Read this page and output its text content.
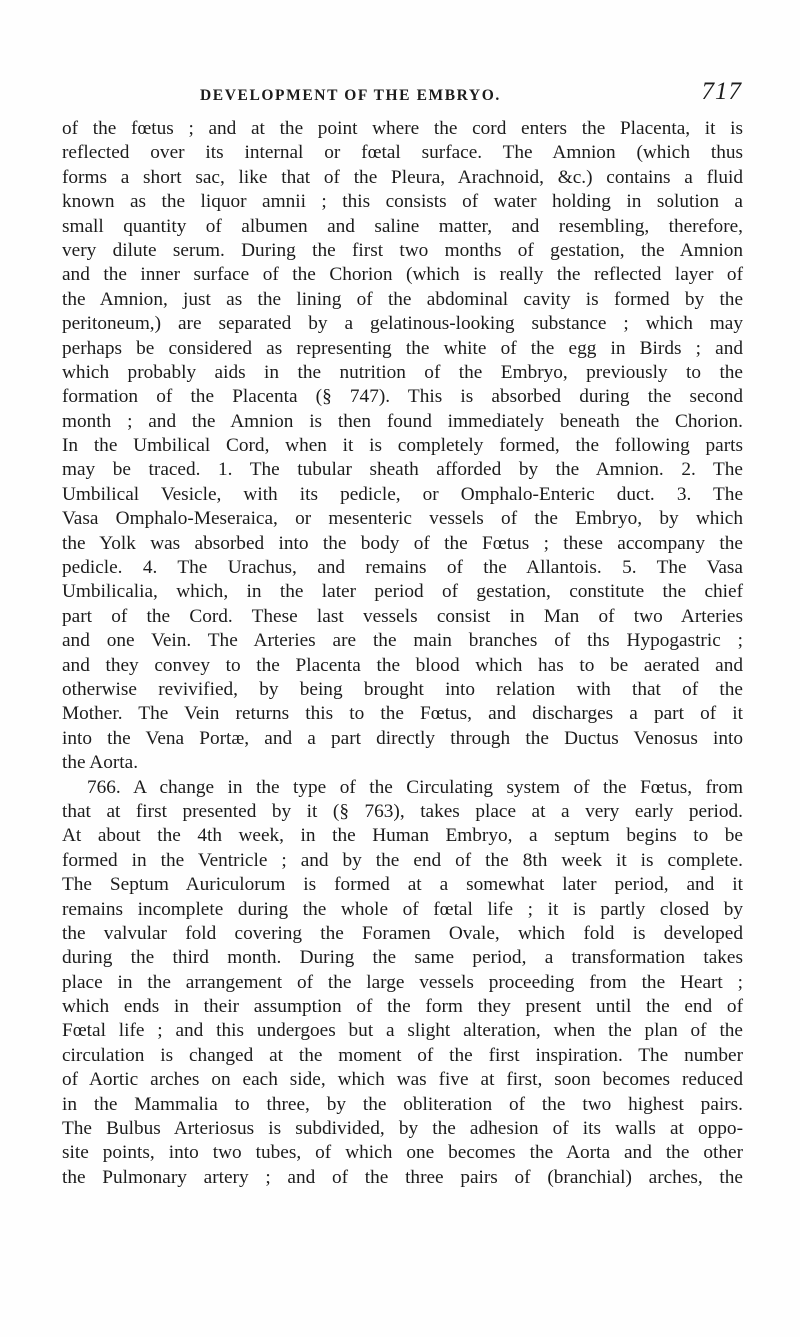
DEVELOPMENT OF THE EMBRYO.	717
of the fœtus ; and at the point where the cord enters the Placenta, it is
reflected over its internal or fœtal surface. The Amnion (which thus
forms a short sac, like that of the Pleura, Arachnoid, &c.) contains a fluid
known as the liquor amnii ; this consists of water holding in solution a
small quantity of albumen and saline matter, and resembling, therefore,
very dilute serum. During the first two months of gestation, the Amnion
and the inner surface of the Chorion (which is really the reflected layer of
the Amnion, just as the lining of the abdominal cavity is formed by the
peritoneum,) are separated by a gelatinous-looking substance ; which may
perhaps be considered as representing the white of the egg in Birds ; and
which probably aids in the nutrition of the Embryo, previously to the
formation of the Placenta (§ 747). This is absorbed during the second
month ; and the Amnion is then found immediately beneath the Chorion.
In the Umbilical Cord, when it is completely formed, the following parts
may be traced. 1. The tubular sheath afforded by the Amnion. 2. The
Umbilical Vesicle, with its pedicle, or Omphalo-Enteric duct. 3. The
Vasa Omphalo-Meseraica, or mesenteric vessels of the Embryo, by which
the Yolk was absorbed into the body of the Fœtus ; these accompany the
pedicle. 4. The Urachus, and remains of the Allantois. 5. The Vasa
Umbilicalia, which, in the later period of gestation, constitute the chief
part of the Cord. These last vessels consist in Man of two Arteries
and one Vein. The Arteries are the main branches of ths Hypogastric ;
and they convey to the Placenta the blood which has to be aerated and
otherwise revivified, by being brought into relation with that of the
Mother. The Vein returns this to the Fœtus, and discharges a part of it
into the Vena Portæ, and a part directly through the Ductus Venosus into
the Aorta.
766. A change in the type of the Circulating system of the Fœtus, from
that at first presented by it (§ 763), takes place at a very early period.
At about the 4th week, in the Human Embryo, a septum begins to be
formed in the Ventricle ; and by the end of the 8th week it is complete.
The Septum Auriculorum is formed at a somewhat later period, and it
remains incomplete during the whole of fœtal life ; it is partly closed by
the valvular fold covering the Foramen Ovale, which fold is developed
during the third month. During the same period, a transformation takes
place in the arrangement of the large vessels proceeding from the Heart ;
which ends in their assumption of the form they present until the end of
Fœtal life ; and this undergoes but a slight alteration, when the plan of the
circulation is changed at the moment of the first inspiration. The number
of Aortic arches on each side, which was five at first, soon becomes reduced
in the Mammalia to three, by the obliteration of the two highest pairs.
The Bulbus Arteriosus is subdivided, by the adhesion of its walls at oppo-
site points, into two tubes, of which one becomes the Aorta and the other
the Pulmonary artery ; and of the three pairs of (branchial) arches, the
